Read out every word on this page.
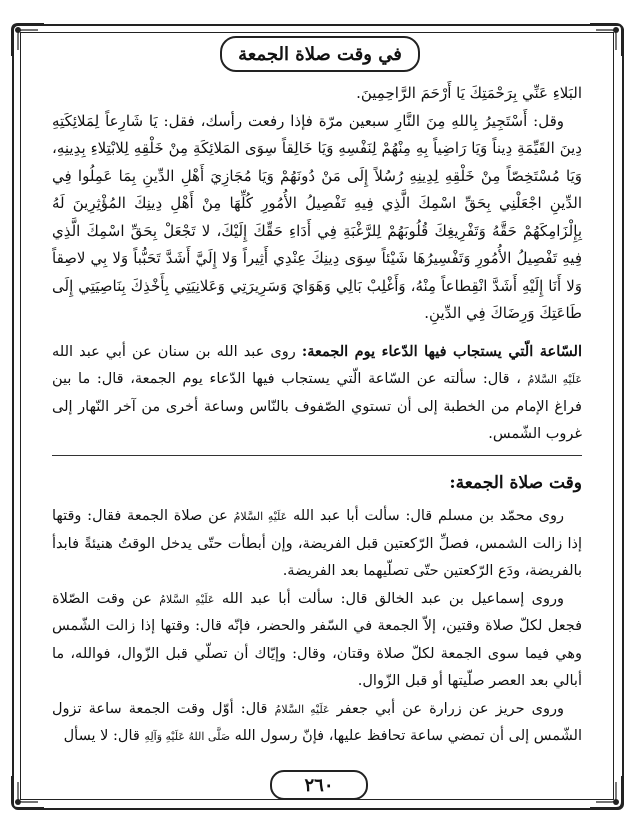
في وقت صلاة الجمعة

البَلاءِ عَنِّي بِرَحْمَتِكَ يَا أَرْحَمَ الرَّاحِمِينَ.

وقل: أَسْتَجِيرُ بِاللهِ مِنَ النَّارِ سبعين مرّة فإذا رفعت رأسك، فقل: يَا شَارِعاً لِمَلائِكَتِهِ دِينَ القَيِّمَةِ دِيناً وَيَا رَاضِياً بِهِ مِنْهُمْ لِنَفْسِهِ وَيَا خَالِقاً سِوَى المَلائِكَةِ مِنْ خَلْقِهِ لِلابْتِلاءِ بِدِينِهِ، وَيَا مُسْتَخِصّاً مِنْ خَلْقِهِ لِدِينِهِ رُسُلاً إِلَى مَنْ دُونَهُمْ وَيَا مُجَازِيَ أَهْلِ الدِّينِ بِمَا عَمِلُوا فِي الدِّينِ اجْعَلْنِي بِحَقِّ اسْمِكَ الَّذِي فِيهِ تَفْصِيلُ الأُمُورِ كُلِّهَا مِنْ أَهْلِ دِينِكَ المُؤْثِرِينَ لَهُ بِإِلْزَامِكَهُمْ حَقَّهُ وَتَفْرِيغِكَ قُلُوبَهُمْ لِلرَّغْبَةِ فِي أَدَاءِ حَقِّكَ إِلَيْكَ، لا تَجْعَلْ بِحَقِّ اسْمِكَ الَّذِي فِيهِ تَفْصِيلُ الأُمُورِ وَتَفْسِيرُهَا شَيْئاً سِوَى دِينِكَ عِنْدِي أَثِيراً وَلا إِلَيَّ أَشَدَّ تَحَبُّباً وَلا بِي لاصِقاً وَلا أَنَا إِلَيْهِ أَشَدَّ انْقِطاعاً مِنْهُ، وَأَغْلِبْ بَالِي وَهَوَايَ وَسَرِيرَتِي وَعَلانِيَتِي بِأَخْذِكَ بِنَاصِيَتِي إِلَى طَاعَتِكَ وَرِضَاكَ فِي الدِّينِ.

السّاعة الّتي يستجاب فيها الدّعاء يوم الجمعة: روى عبد الله بن سنان عن أبي عبد الله عَلَيْهِ السَّلامُ ، قال: سألته عن السّاعة الّتي يستجاب فيها الدّعاء يوم الجمعة، قال: ما بين فراغ الإمام من الخطبة إلى أن تستوي الصّفوف بالنّاس وساعة أخرى من آخر النّهار إلى غروب الشّمس.

وقت صلاة الجمعة:

روى محمّد بن مسلم قال: سألت أبا عبد الله عَلَيْهِ السَّلامُ عن صلاة الجمعة فقال: وقتها إذا زالت الشمس، فصلِّ الرّكعتين قبل الفريضة، وإن أبطأت حتّى يدخل الوقتُ هنيئةً فابدأ بالفريضة، ودَع الرّكعتين حتّى تصلّيهما بعد الفريضة.

وروى إسماعيل بن عبد الخالق قال: سألت أبا عبد الله عَلَيْهِ السَّلامُ عن وقت الصّلاة فجعل لكلّ صلاة وقتين، إلاّ الجمعة في السّفر والحضر، فإنّه قال: وقتها إذا زالت الشّمس وهي فيما سوى الجمعة لكلّ صلاة وقتان، وقال: وإيّاك أن تصلّي قبل الزّوال، فوالله، ما أبالي بعد العصر صلّيتها أو قبل الزّوال.

وروى حريز عن زرارة عن أبي جعفر عَلَيْهِ السَّلامُ قال: أوّل وقت الجمعة ساعة تزول الشّمس إلى أن تمضي ساعة تحافظ عليها، فإنّ رسول الله صَلَّى اللهُ عَلَيْهِ وَآلِهِ قال: لا يسأل

٢٦٠
